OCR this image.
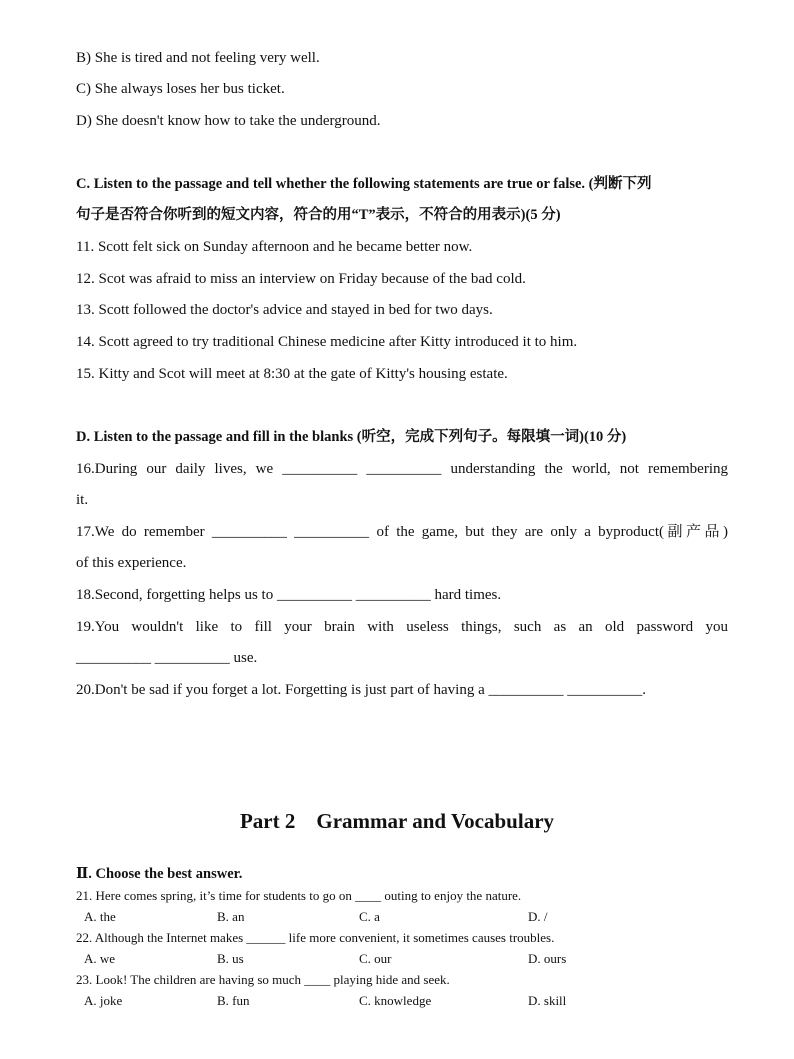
B) She is tired and not feeling very well.
C) She always loses her bus ticket.
D) She doesn't know how to take the underground.
C. Listen to the passage and tell whether the following statements are true or false. (判断下列
句子是否符合你听到的短文内容，符合的用“T”表示，不符合的用表示)(5 分)
11. Scott felt sick on Sunday afternoon and he became better now.
12. Scot was afraid to miss an interview on Friday because of the bad cold.
13. Scott followed the doctor's advice and stayed in bed for two days.
14. Scott agreed to try traditional Chinese medicine after Kitty introduced it to him.
15. Kitty and Scot will meet at 8:30 at the gate of Kitty's housing estate.
D. Listen to the passage and fill in the blanks (听空，完成下列句子。每限填一词)(10 分)
16.During our daily lives, we __________ __________ understanding the world, not remembering
it.
17.We do remember __________ __________ of the game, but they are only a byproduct(副产品)
of this experience.
18.Second, forgetting helps us to __________ __________ hard times.
19.You wouldn't like to fill your brain with useless things, such as an old password you
__________ __________ use.
20.Don't be sad if you forget a lot. Forgetting is just part of having a __________ __________.
Part 2    Grammar and Vocabulary
Ⅱ. Choose the best answer.
21. Here comes spring, it’s time for students to go on ____ outing to enjoy the nature.
A. the	B. an	C. a	D. /
22. Although the Internet makes ______ life more convenient, it sometimes causes troubles.
A. we	B. us	C. our	D. ours
23. Look! The children are having so much ____ playing hide and seek.
A. joke	B. fun	C. knowledge	D. skill
